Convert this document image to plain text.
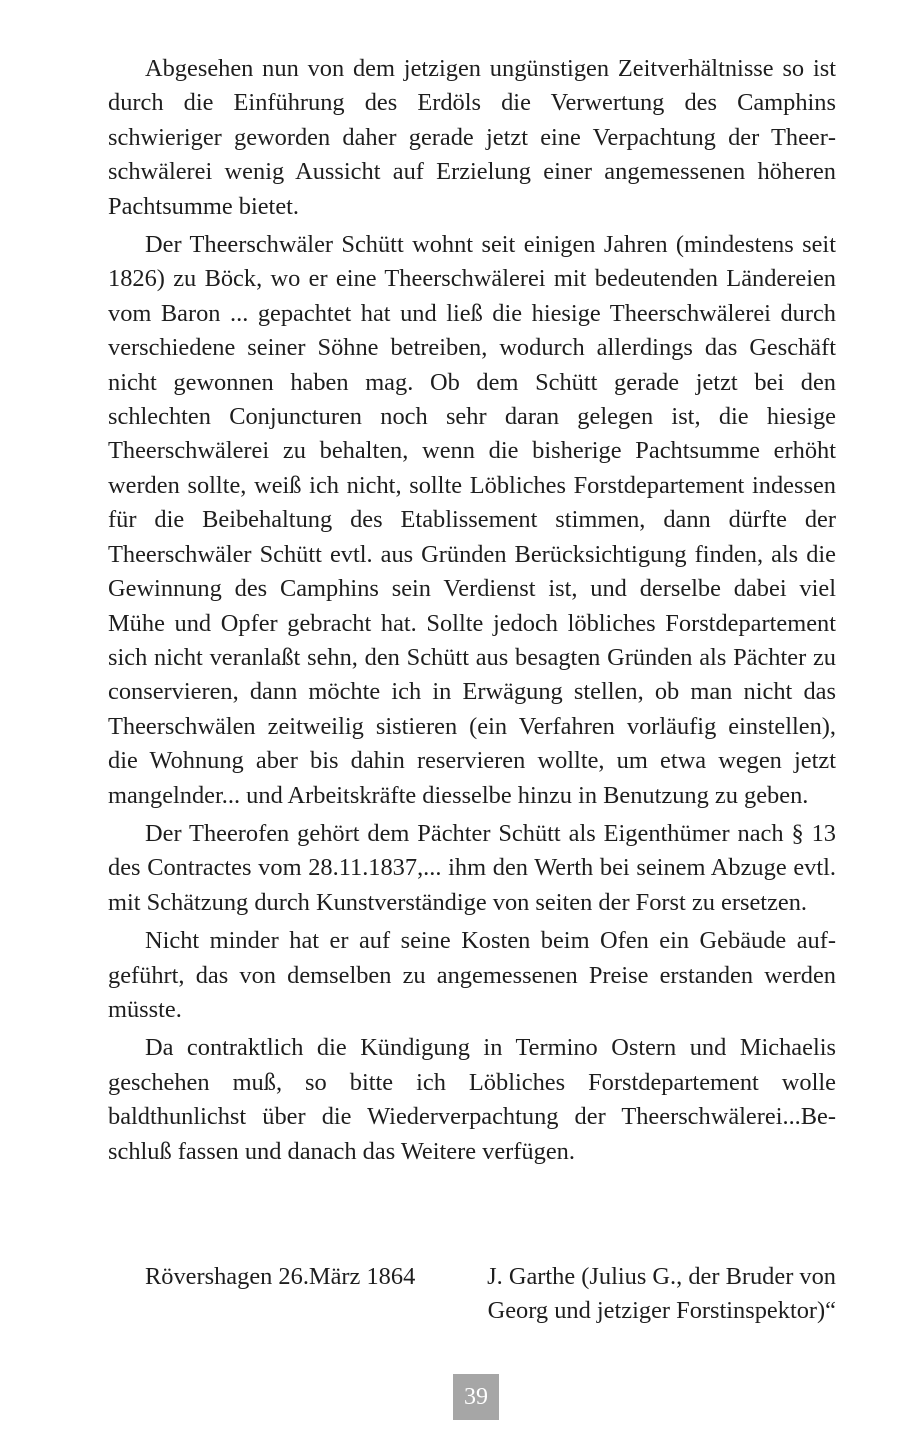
Abgesehen nun von dem jetzigen ungünstigen Zeitverhältnisse so ist durch die Einführung des Erdöls die Verwertung des Camphins schwieriger geworden daher gerade jetzt eine Verpachtung der Theerschwälerei wenig Aussicht auf Erzielung einer angemessenen höheren Pachtsumme bietet.

Der Theerschwäler Schütt wohnt seit einigen Jahren (mindestens seit 1826) zu Böck, wo er eine Theerschwälerei mit bedeutenden Ländereien vom Baron ... gepachtet hat und ließ die hiesige Theerschwälerei durch verschiedene seiner Söhne betreiben, wodurch allerdings das Geschäft nicht gewonnen haben mag. Ob dem Schütt gerade jetzt bei den schlechten Conjuncturen noch sehr daran gelegen ist, die hiesige Theerschwälerei zu behalten, wenn die bisherige Pachtsumme erhöht werden sollte, weiß ich nicht, sollte Löbliches Forstdepartement indessen für die Beibehaltung des Etablissement stimmen, dann dürfte der Theerschwäler Schütt evtl. aus Gründen Berücksichtigung finden, als die Gewinnung des Camphins sein Verdienst ist, und derselbe dabei viel Mühe und Opfer gebracht hat. Sollte jedoch löbliches Forstdepartement sich nicht veranlaßt sehn, den Schütt aus besagten Gründen als Pächter zu conservieren, dann möchte ich in Erwägung stellen, ob man nicht das Theerschwälen zeitweilig sistieren (ein Verfahren vorläufig einstellen), die Wohnung aber bis dahin reservieren wollte, um etwa wegen jetzt mangelnder... und Arbeitskräfte diesselbe hinzu in Benutzung zu geben.

Der Theerofen gehört dem Pächter Schütt als Eigenthümer nach § 13 des Contractes vom 28.11.1837,... ihm den Werth bei seinem Abzuge evtl. mit Schätzung durch Kunstverständige von seiten der Forst zu ersetzen.

Nicht minder hat er auf seine Kosten beim Ofen ein Gebäude aufgeführt, das von demselben zu angemessenen Preise erstanden werden müsste.

Da contraktlich die Kündigung in Termino Ostern und Michaelis geschehen muß, so bitte ich Löbliches Forstdepartement wolle baldthunlichst über die Wiederverpachtung der Theerschwälerei...Beschluß fassen und danach das Weitere verfügen.

Rövershagen 26.März 1864	J. Garthe (Julius G., der Bruder von
Georg und jetziger Forstinspektor)“
39
